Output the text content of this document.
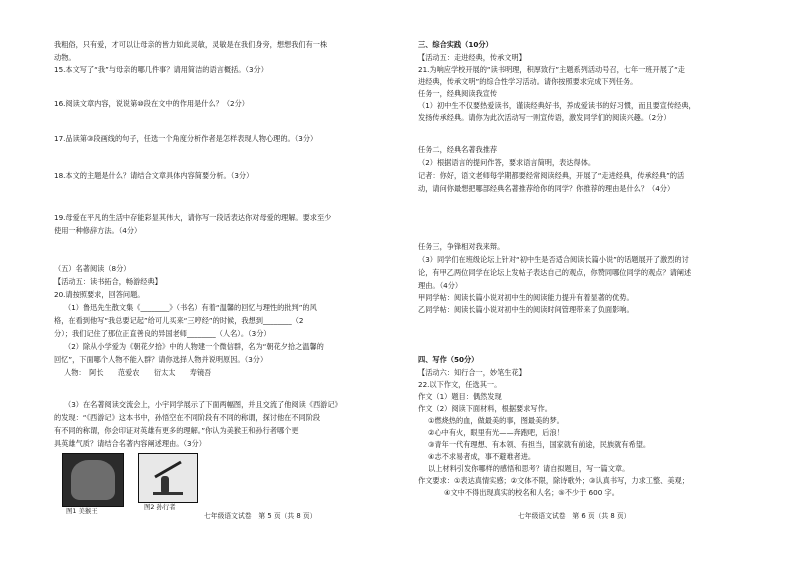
我粗俗，只有爱，才可以让母亲的皆力如此灵敏，灵敏是在我们身旁，想想我们有一株
动物。
15.本文写了“我”与母亲的哪几件事？请用简洁的语言概括。（3分）
16.阅读文章内容，说说第⑩段在文中的作用是什么？（2分）
17.品读第③段画线的句子，任选一个角度分析作者是怎样表现人物心理的。（3分）
18.本文的主题是什么？请结合文章具体内容简要分析。（3分）
19.母爱在平凡的生活中存能彩显其伟大，请你写一段话表达你对母爱的理解。要求至少
使用一种修辞方法。（4分）
（五）名著阅读（8分）
【活动五：读书拓合，畅游经典】
20.请按照要求，回答问题。
（1）鲁迅先生散文集《________》（书名）有着“温馨的回忆与理性的批判”的风
格，在看到他写“我总要记起”给可儿买来“三哼经”的时候，我想到________（2
分）；我们记住了那位正直善良的异国老师________（人名）。（3分）
（2）除从小学爱为《朝花夕拾》中的人物建一个微信群，名为“朝花夕拾之温馨的
回忆”，下面哪个人物不能入群？请你选择人物并说明原因。（3分）
人物：　阿长　　范爱农　　衍太太　　寿镜吾
（3）在名著阅读交流会上，小宇同学展示了下面两幅图，并且交流了他阅读《西游记》
的发现：“《西游记》这本书中，孙悟空在不同阶段有不同的称谓，探讨他在不同阶段
有不同的称谓，你会印证对英雄有更多的理解。”你认为美猴王和孙行者哪个更
具英雄气质？请结合名著内容阐述理由。（3分）
图1 美猴王	图2 孙行者
七年级语文试卷　第 5 页（共 8 页）
三、综合实践（10分）
【活动五：走进经典，传承文明】
21.为响应学校开展的“读书明理，积厚致行”主题系列活动号召，七年一班开展了“走
进经典，传承文明”的综合性学习活动。请你按照要求完成下列任务。
任务一，经典阅读我宣传
（1）初中生不仅要热爱读书，谨读经典好书，养成爱读书的好习惯，而且要宣传经典，
发扬传承经典。请你为此次活动写一则宣传语，激发同学们的阅读兴趣。（2分）
任务二，经典名著我推荐
（2）根据语言的提问作答，要求语言简明，表达得体。
记者：你好，语文老师每学期都要经常阅读经典，开展了“走进经典，传承经典”的活
动，请问你最想把哪部经典名著推荐给你的同学？你推荐的理由是什么？（4分）
任务三，争锋相对我来辩。
（3）同学们在班级论坛上针对“初中生是否适合阅读长篇小说”的话题展开了激烈的讨
论，有甲乙两位同学在论坛上发帖子表达自己的观点，你赞同哪位同学的观点？请阐述
理由。（4分）
甲同学帖：阅读长篇小说对初中生的阅读能力提升有着显著的优势。
乙同学帖：阅读长篇小说对初中生的阅读时间管理带来了负面影响。
四、写作（50分）
【活动六：知行合一，妙笔生花】
22.以下作文，任选其一。
作文（1）题目：偶然发现
作文（2）阅读下面材料，根据要求写作。
①燃烧热的血，做最美的事，图最美的梦。
②心中有火，眼里有光——奔跑吧，后浪！
③青年一代有理想、有本领、有担当，国家就有前途，民族就有希望。
④志不求易者成，事不避难者进。
以上材料引发你哪样的感悟和思考？请自拟题目，写一篇文章。
作文要求：①表达真情实感；②文体不限，除诗歌外；③认真书写，力求工整、美观；
④文中不得出现真实的校名和人名；⑤不少于 600 字。
七年级语文试卷　第 6 页（共 8 页）
